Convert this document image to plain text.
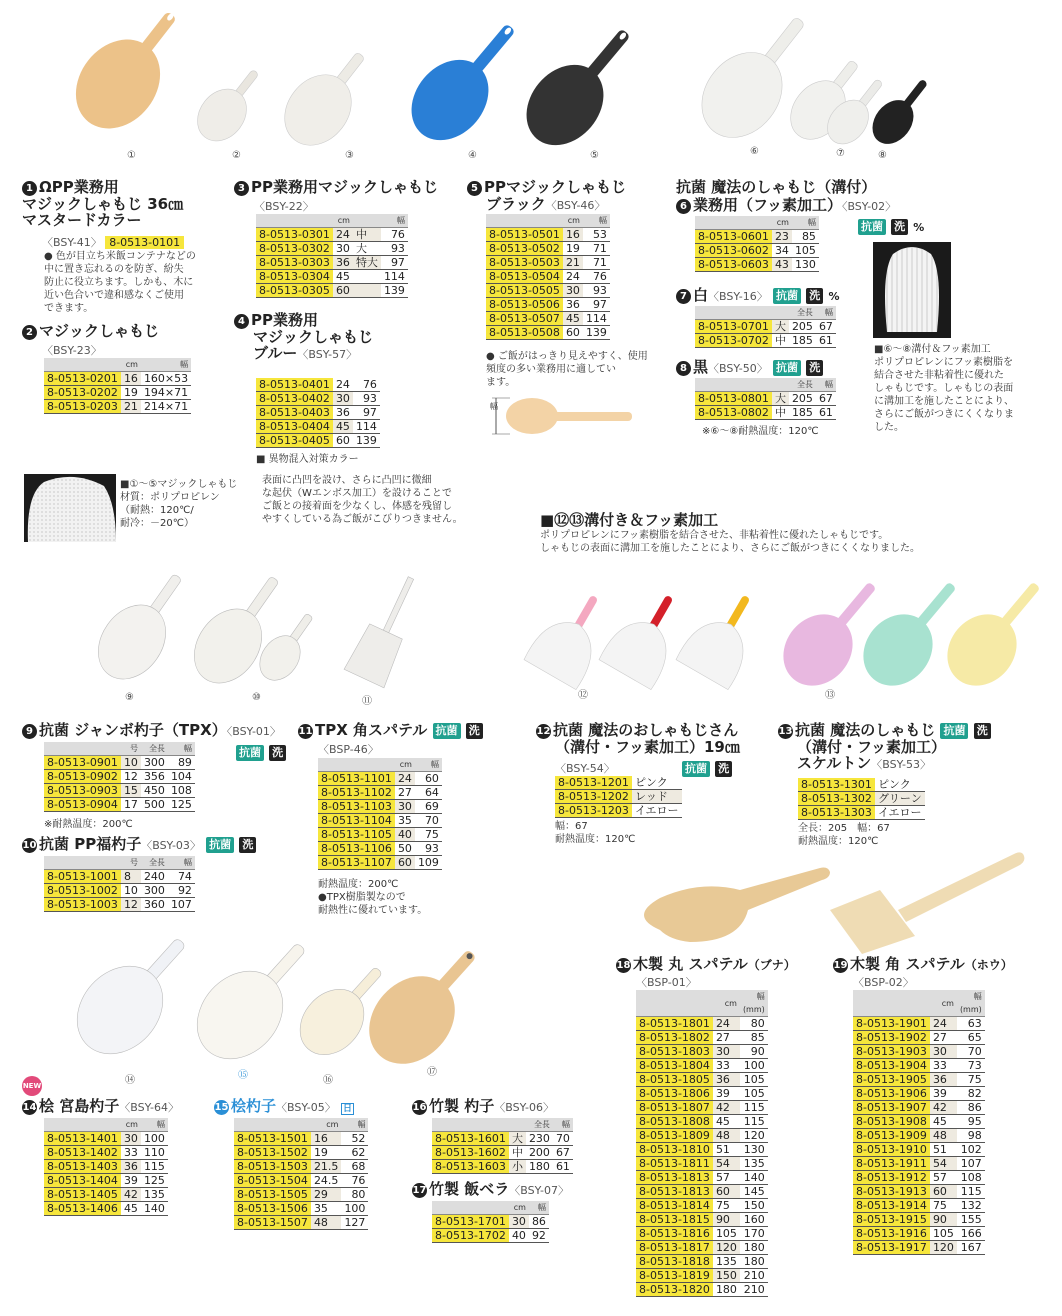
①	②	③	④	⑤	⑥	⑦	⑧
1 ΩPP業務用
マジックしゃもじ 36㎝
マスタードカラー
〈BSY-41〉 8-0513-0101
● 色が目立ち米飯コンテナなどの
中に置き忘れるのを防ぎ、紛失
防止に役立ちます。しかも、木に
近い色合いで違和感なくご使用
できます。
2 マジックしゃもじ
〈BSY-23〉
	cm	幅
8-0513-0201	16	160×53
8-0513-0202	19	194×71
8-0513-0203	21	214×71
3 PP業務用マジックしゃもじ
〈BSY-22〉
	cm		幅
8-0513-0301	24	中	76
8-0513-0302	30	大	93
8-0513-0303	36	特大	97
8-0513-0304	45		114
8-0513-0305	60		139
4 PP業務用
マジックしゃもじ
ブルー〈BSY-57〉
8-0513-0401	24	76
8-0513-0402	30	93
8-0513-0403	36	97
8-0513-0404	45	114
8-0513-0405	60	139
■ 異物混入対策カラー
5 PPマジックしゃもじ
ブラック〈BSY-46〉
	cm	幅
8-0513-0501	16	53
8-0513-0502	19	71
8-0513-0503	21	71
8-0513-0504	24	76
8-0513-0505	30	93
8-0513-0506	36	97
8-0513-0507	45	114
8-0513-0508	60	139
● ご飯がはっきり見えやすく、使用
頻度の多い業務用に適してい
ます。
幅
抗菌 魔法のしゃもじ（溝付）
6 業務用（フッ素加工）〈BSY-02〉
抗菌 洗 %
	cm	幅
8-0513-0601	23	85
8-0513-0602	34	105
8-0513-0603	43	130
7 白〈BSY-16〉 抗菌 洗 %
		全長	幅
8-0513-0701	大	205	67
8-0513-0702	中	185	61
8 黒〈BSY-50〉 抗菌 洗
		全長	幅
8-0513-0801	大	205	67
8-0513-0802	中	185	61
※⑥〜⑧耐熱温度：120℃
■⑥〜⑧溝付＆フッ素加工
ポリプロピレンにフッ素樹脂を
結合させた非粘着性に優れた
しゃもじです。しゃもじの表面
に溝加工を施したことにより、
さらにご飯がつきにくくなりま
した。
■①〜⑤マジックしゃもじ
材質：ポリプロピレン
（耐熱：120℃/
耐冷：－20℃）
表面に凸凹を設け、さらに凸凹に微細
な起伏（Wエンボス加工）を設けることで
ご飯との接着面を少なくし、体感を残留し
やすくしている為ご飯がこびりつきません。	■⑫⑬溝付き＆フッ素加工
ポリプロピレンにフッ素樹脂を結合させた、非粘着性に優れたしゃもじです。
しゃもじの表面に溝加工を施したことにより、さらにご飯がつきにくくなりました。
⑨	⑩	⑪
⑫	⑬
9 抗菌 ジャンボ杓子（TPX）〈BSY-01〉
抗菌 洗
	号	全長	幅
8-0513-0901	10	300	89
8-0513-0902	12	356	104
8-0513-0903	15	450	108
8-0513-0904	17	500	125
※耐熱温度：200℃
10 抗菌 PP福杓子〈BSY-03〉 抗菌 洗
	号	全長	幅
8-0513-1001	8	240	74
8-0513-1002	10	300	92
8-0513-1003	12	360	107
11 TPX 角スパテル 抗菌 洗
〈BSP-46〉
	cm	幅
8-0513-1101	24	60
8-0513-1102	27	64
8-0513-1103	30	69
8-0513-1104	35	70
8-0513-1105	40	75
8-0513-1106	50	93
8-0513-1107	60	109
耐熱温度：200℃
●TPX樹脂製なので
耐熱性に優れています。
12 抗菌 魔法のおしゃもじさん
（溝付・フッ素加工）19㎝
〈BSY-54〉	抗菌 洗
8-0513-1201	ピンク
8-0513-1202	レッド
8-0513-1203	イエロー
幅：67
耐熱温度：120℃
13 抗菌 魔法のしゃもじ 抗菌 洗
（溝付・フッ素加工）
スケルトン〈BSY-53〉
8-0513-1301	ピンク
8-0513-1302	グリーン
8-0513-1303	イエロー
全長：205　幅：67
耐熱温度：120℃
18 木製 丸 スパテル（ブナ）
〈BSP-01〉
	cm	幅(mm)
8-0513-1801	24	80
8-0513-1802	27	85
8-0513-1803	30	90
8-0513-1804	33	100
8-0513-1805	36	105
8-0513-1806	39	105
8-0513-1807	42	115
8-0513-1808	45	115
8-0513-1809	48	120
8-0513-1810	51	130
8-0513-1811	54	135
8-0513-1813	57	140
8-0513-1813	60	145
8-0513-1814	75	150
8-0513-1815	90	160
8-0513-1816	105	170
8-0513-1817	120	180
8-0513-1818	135	180
8-0513-1819	150	210
8-0513-1820	180	210
19 木製 角 スパテル（ホウ）
〈BSP-02〉
	cm	幅(mm)
8-0513-1901	24	63
8-0513-1902	27	65
8-0513-1903	30	70
8-0513-1904	33	73
8-0513-1905	36	75
8-0513-1906	39	82
8-0513-1907	42	86
8-0513-1908	45	95
8-0513-1909	48	98
8-0513-1910	51	102
8-0513-1911	54	107
8-0513-1912	57	108
8-0513-1913	60	115
8-0513-1914	75	132
8-0513-1915	90	155
8-0513-1916	105	166
8-0513-1917	120	167
⑭	⑮	⑯
⑰
NEW
14 桧 宮島杓子〈BSY-64〉
	cm	幅
8-0513-1401	30	100
8-0513-1402	33	110
8-0513-1403	36	115
8-0513-1404	39	125
8-0513-1405	42	135
8-0513-1406	45	140
15 桧杓子〈BSY-05〉 日
	cm	幅
8-0513-1501	16	52
8-0513-1502	19	62
8-0513-1503	21.5	68
8-0513-1504	24.5	76
8-0513-1505	29	80
8-0513-1506	35	100
8-0513-1507	48	127
16 竹製 杓子〈BSY-06〉
		全長	幅
8-0513-1601	大	230	70
8-0513-1602	中	200	67
8-0513-1603	小	180	61
17 竹製 飯ベラ〈BSY-07〉
	cm	幅
8-0513-1701	30	86
8-0513-1702	40	92
